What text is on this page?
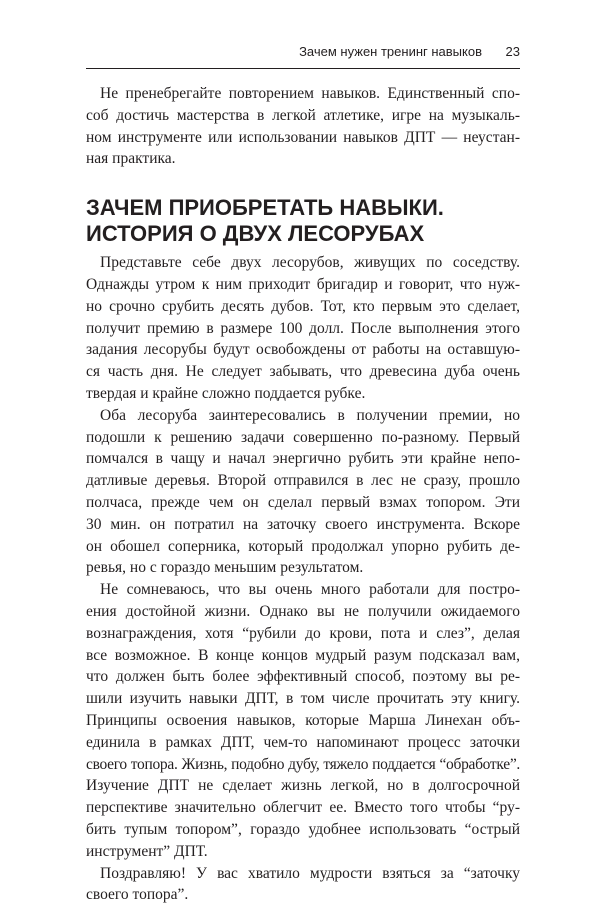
Зачем нужен тренинг навыков 23
Не пренебрегайте повторением навыков. Единственный спо-
соб достичь мастерства в легкой атлетике, игре на музыкаль-
ном инструменте или использовании навыков ДПТ — неустан-
ная практика.
ЗАЧЕМ ПРИОБРЕТАТЬ НАВЫКИ.
ИСТОРИЯ О ДВУХ ЛЕСОРУБАХ
Представьте себе двух лесорубов, живущих по соседству.
Однажды утром к ним приходит бригадир и говорит, что нуж-
но срочно срубить десять дубов. Тот, кто первым это сделает,
получит премию в размере 100 долл. После выполнения этого
задания лесорубы будут освобождены от работы на оставшую-
ся часть дня. Не следует забывать, что древесина дуба очень
твердая и крайне сложно поддается рубке.
Оба лесоруба заинтересовались в получении премии, но
подошли к решению задачи совершенно по-разному. Первый
помчался в чащу и начал энергично рубить эти крайне непо-
датливые деревья. Второй отправился в лес не сразу, прошло
полчаса, прежде чем он сделал первый взмах топором. Эти
30 мин. он потратил на заточку своего инструмента. Вскоре
он обошел соперника, который продолжал упорно рубить де-
ревья, но с гораздо меньшим результатом.
Не сомневаюсь, что вы очень много работали для постро-
ения достойной жизни. Однако вы не получили ожидаемого
вознаграждения, хотя “рубили до крови, пота и слез”, делая
все возможное. В конце концов мудрый разум подсказал вам,
что должен быть более эффективный способ, поэтому вы ре-
шили изучить навыки ДПТ, в том числе прочитать эту книгу.
Принципы освоения навыков, которые Марша Линехан объ-
единила в рамках ДПТ, чем-то напоминают процесс заточки
своего топора. Жизнь, подобно дубу, тяжело поддается “обработке”.
Изучение ДПТ не сделает жизнь легкой, но в долгосрочной
перспективе значительно облегчит ее. Вместо того чтобы “ру-
бить тупым топором”, гораздо удобнее использовать “острый
инструмент” ДПТ.
Поздравляю! У вас хватило мудрости взяться за “заточку
своего топора”.
